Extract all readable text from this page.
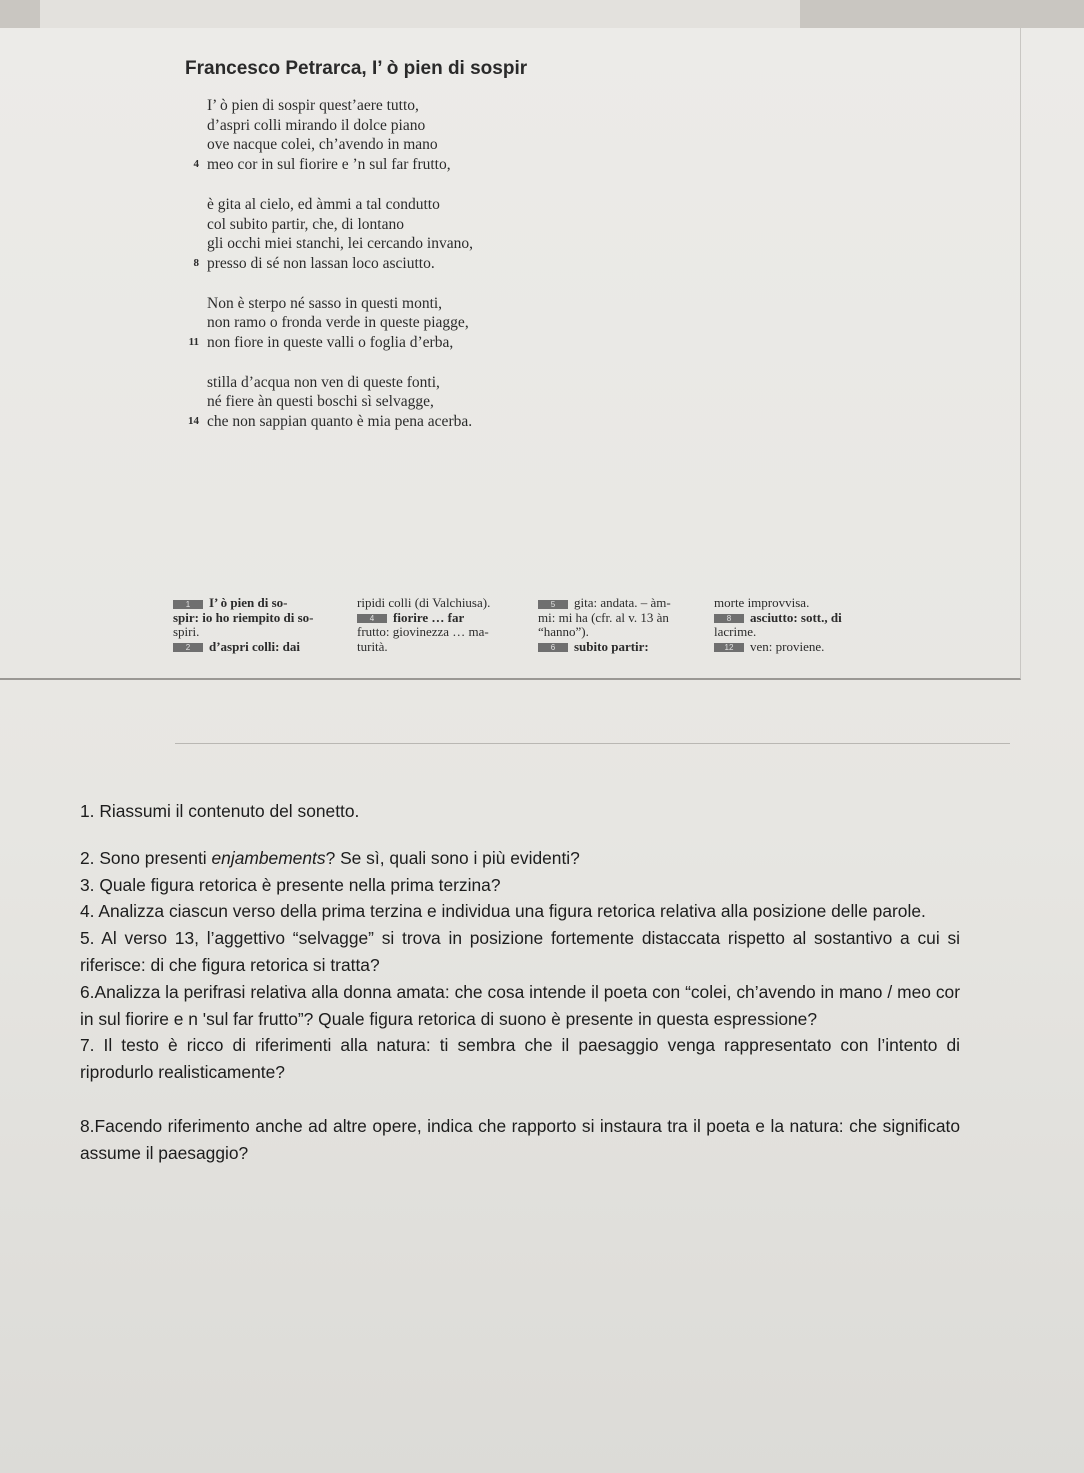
Francesco Petrarca, I’ ò pien di sospir
I’ ò pien di sospir quest’aere tutto,
d’aspri colli mirando il dolce piano
ove nacque colei, ch’avendo in mano
4 meo cor in sul fiorire e ’n sul far frutto,
è gita al cielo, ed àmmi a tal condutto
col subito partir, che, di lontano
gli occhi miei stanchi, lei cercando invano,
8 presso di sé non lassan loco asciutto.
Non è sterpo né sasso in questi monti,
non ramo o fronda verde in queste piagge,
11 non fiore in queste valli o foglia d’erba,
stilla d’acqua non ven di queste fonti,
né fiere àn questi boschi sì selvagge,
14 che non sappian quanto è mia pena acerba.
1 I’ ò pien di so-
spir: io ho riempito di so-
spiri.
2 d’aspri colli: dai
ripidi colli (di Valchiusa).
4 fiorire … far
frutto: giovinezza … ma-
turità.
5 gita: andata. – àm-
mi: mi ha (cfr. al v. 13 àn
“hanno”).
6 subito partir:
morte improvvisa.
8 asciutto: sott., di
lacrime.
12 ven: proviene.

1. Riassumi il contenuto del sonetto.

2. Sono presenti enjambements? Se sì, quali sono i più evidenti?

3. Quale figura retorica è presente nella prima terzina?

4. Analizza ciascun verso della prima terzina e individua una figura retorica relativa alla posizione delle parole.

5. Al verso 13, l’aggettivo “selvagge” si trova in posizione fortemente distaccata rispetto al sostantivo a cui si riferisce: di che figura retorica si tratta?

6.Analizza la perifrasi relativa alla donna amata: che cosa intende il poeta con “colei, ch’avendo in mano / meo cor in sul fiorire e n 'sul far frutto”? Quale figura retorica di suono è presente in questa espressione?

7. Il testo è ricco di riferimenti alla natura: ti sembra che il paesaggio venga rappresentato con l’intento di riprodurlo realisticamente?

8.Facendo riferimento anche ad altre opere, indica che rapporto si instaura tra il poeta e la natura: che significato assume il paesaggio?
